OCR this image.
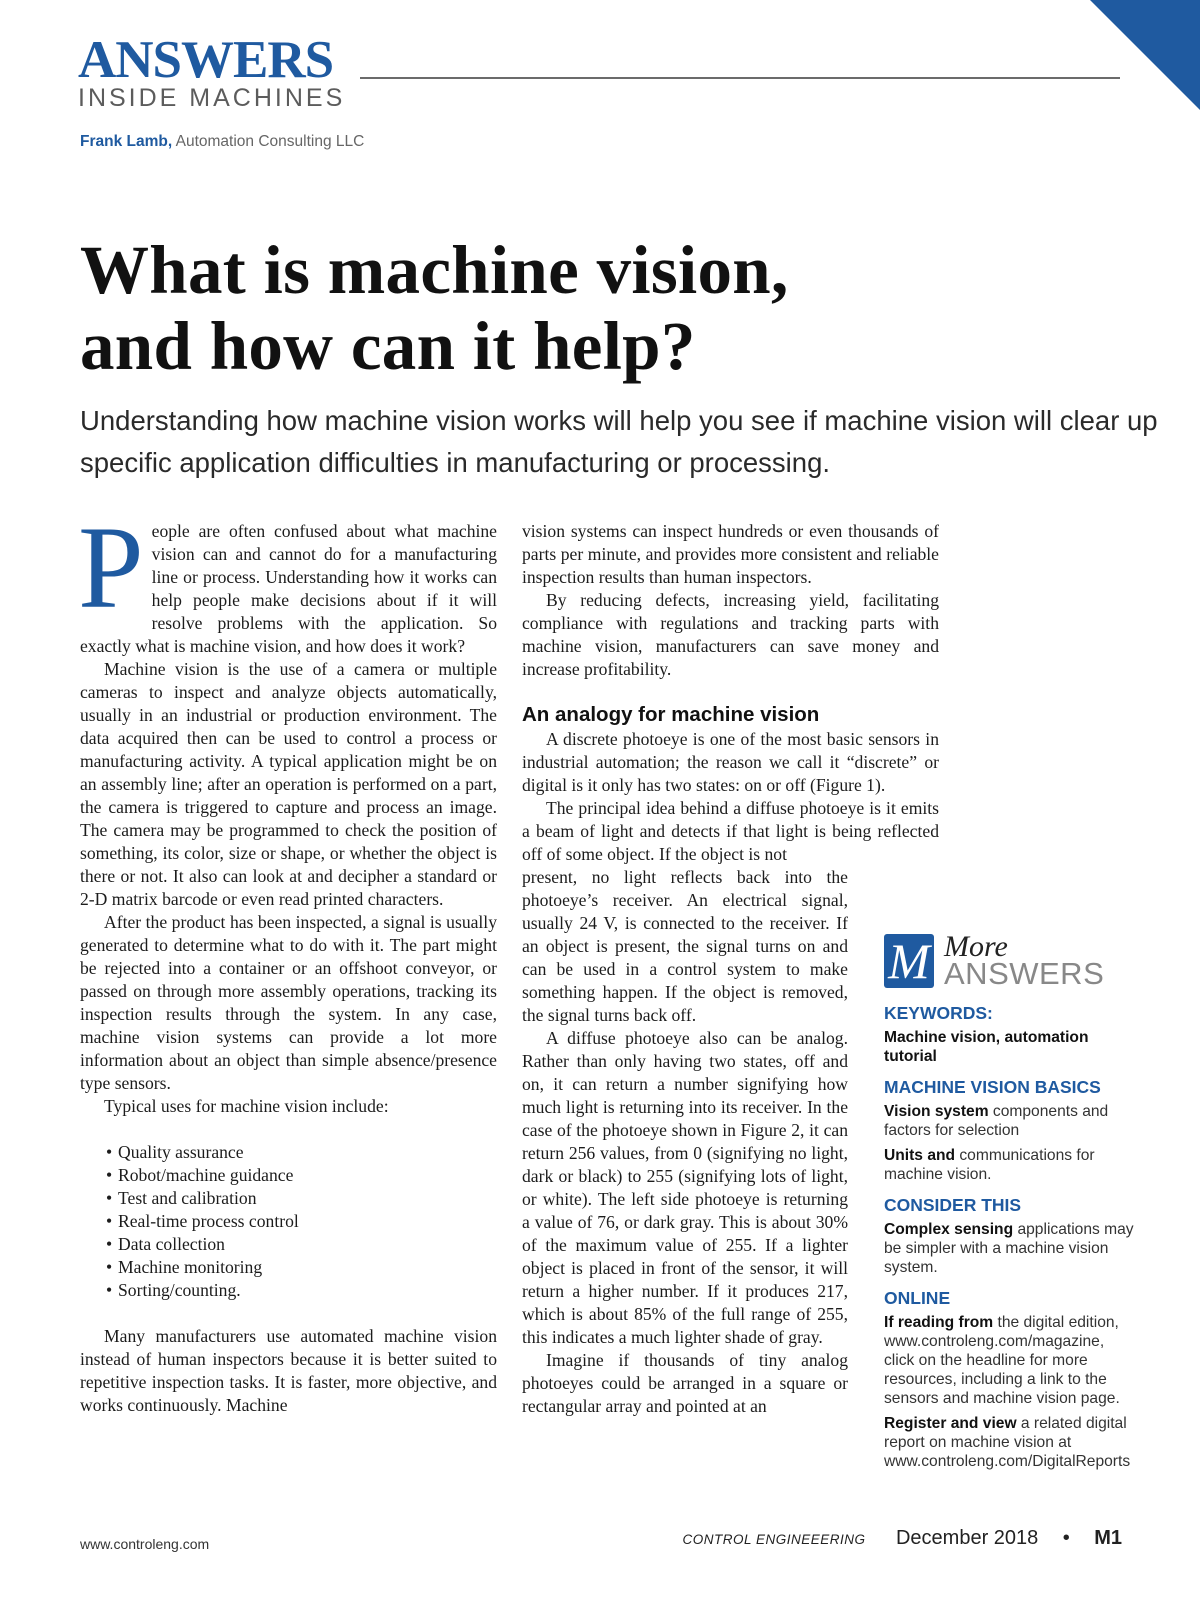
ANSWERS
INSIDE MACHINES
Frank Lamb, Automation Consulting LLC
What is machine vision,
and how can it help?

Understanding how machine vision works will help you see if machine vision will clear up specific application difficulties in manufacturing or processing.

People are often confused about what machine vision can and cannot do for a manufacturing line or process. Understanding how it works can help people make decisions about if it will resolve problems with the application. So exactly what is machine vision, and how does it work?

Machine vision is the use of a camera or multiple cameras to inspect and analyze objects automatically, usually in an industrial or production environment. The data acquired then can be used to control a process or manufacturing activity. A typical application might be on an assembly line; after an operation is performed on a part, the camera is triggered to capture and process an image. The camera may be programmed to check the position of something, its color, size or shape, or whether the object is there or not. It also can look at and decipher a standard or 2-D matrix barcode or even read printed characters.

After the product has been inspected, a signal is usually generated to determine what to do with it. The part might be rejected into a container or an offshoot conveyor, or passed on through more assembly operations, tracking its inspection results through the system. In any case, machine vision systems can provide a lot more information about an object than simple absence/presence type sensors.

Typical uses for machine vision include:

• Quality assurance
• Robot/machine guidance
• Test and calibration
• Real-time process control
• Data collection
• Machine monitoring
• Sorting/counting.

Many manufacturers use automated machine vision instead of human inspectors because it is better suited to repetitive inspection tasks. It is faster, more objective, and works continuously. Machine

vision systems can inspect hundreds or even thousands of parts per minute, and provides more consistent and reliable inspection results than human inspectors.

By reducing defects, increasing yield, facilitating compliance with regulations and tracking parts with machine vision, manufacturers can save money and increase profitability.

An analogy for machine vision

A discrete photoeye is one of the most basic sensors in industrial automation; the reason we call it “discrete” or digital is it only has two states: on or off (Figure 1).

The principal idea behind a diffuse photoeye is it emits a beam of light and detects if that light is being reflected off of some object. If the object is not

present, no light reflects back into the photoeye’s receiver. An electrical signal, usually 24 V, is connected to the receiver. If an object is present, the signal turns on and can be used in a control system to make something happen. If the object is removed, the signal turns back off.

A diffuse photoeye also can be analog. Rather than only having two states, off and on, it can return a number signifying how much light is returning into its receiver. In the case of the photoeye shown in Figure 2, it can return 256 values, from 0 (signifying no light, dark or black) to 255 (signifying lots of light, or white). The left side photoeye is returning a value of 76, or dark gray. This is about 30% of the maximum value of 255. If a lighter object is placed in front of the sensor, it will return a higher number. If it produces 217, which is about 85% of the full range of 255, this indicates a much lighter shade of gray.

Imagine if thousands of tiny analog photoeyes could be arranged in a square or rectangular array and pointed at an

M More
ANSWERS
KEYWORDS:

Machine vision, automation tutorial

MACHINE VISION BASICS

Vision system components and factors for selection

Units and communications for machine vision.

CONSIDER THIS

Complex sensing applications may be simpler with a machine vision system.

ONLINE

If reading from the digital edition, www.controleng.com/magazine, click on the headline for more resources, including a link to the sensors and machine vision page.

Register and view a related digital report on machine vision at www.controleng.com/DigitalReports

www.controleng.com	CONTROL ENGINEEERING December 2018 • M1
